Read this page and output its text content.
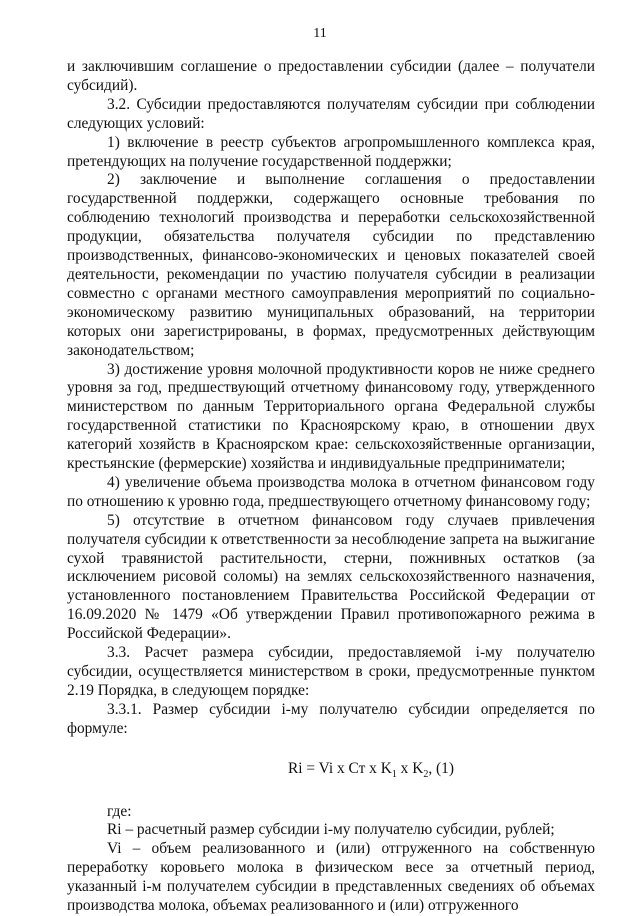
11

и заключившим соглашение о предоставлении субсидии (далее – получатели субсидий).

3.2. Субсидии предоставляются получателям субсидии при соблюдении следующих условий:

1) включение в реестр субъектов агропромышленного комплекса края, претендующих на получение государственной поддержки;

2) заключение и выполнение соглашения о предоставлении государственной поддержки, содержащего основные требования по соблюдению технологий производства и переработки сельскохозяйственной продукции, обязательства получателя субсидии по представлению производственных, финансово-экономических и ценовых показателей своей деятельности, рекомендации по участию получателя субсидии в реализации совместно с органами местного самоуправления мероприятий по социально-экономическому развитию муниципальных образований, на территории которых они зарегистрированы, в формах, предусмотренных действующим законодательством;

3) достижение уровня молочной продуктивности коров не ниже среднего уровня за год, предшествующий отчетному финансовому году, утвержденного министерством по данным Территориального органа Федеральной службы государственной статистики по Красноярскому краю, в отношении двух категорий хозяйств в Красноярском крае: сельскохозяйственные организации, крестьянские (фермерские) хозяйства и индивидуальные предприниматели;

4) увеличение объема производства молока в отчетном финансовом году по отношению к уровню года, предшествующего отчетному финансовому году;

5) отсутствие в отчетном финансовом году случаев привлечения получателя субсидии к ответственности за несоблюдение запрета на выжигание сухой травянистой растительности, стерни, пожнивных остатков (за исключением рисовой соломы) на землях сельскохозяйственного назначения, установленного постановлением Правительства Российской Федерации от 16.09.2020 № 1479 «Об утверждении Правил противопожарного режима в Российской Федерации».

3.3. Расчет размера субсидии, предоставляемой i-му получателю субсидии, осуществляется министерством в сроки, предусмотренные пунктом 2.19 Порядка, в следующем порядке:

3.3.1. Размер субсидии i-му получателю субсидии определяется по формуле:

Ri = Vi x Ст x $K_1$ x $K_2$, (1)

где:

Ri – расчетный размер субсидии i-му получателю субсидии, рублей;

Vi – объем реализованного и (или) отгруженного на собственную переработку коровьего молока в физическом весе за отчетный период, указанный i-м получателем субсидии в представленных сведениях об объемах производства молока, объемах реализованного и (или) отгруженного
